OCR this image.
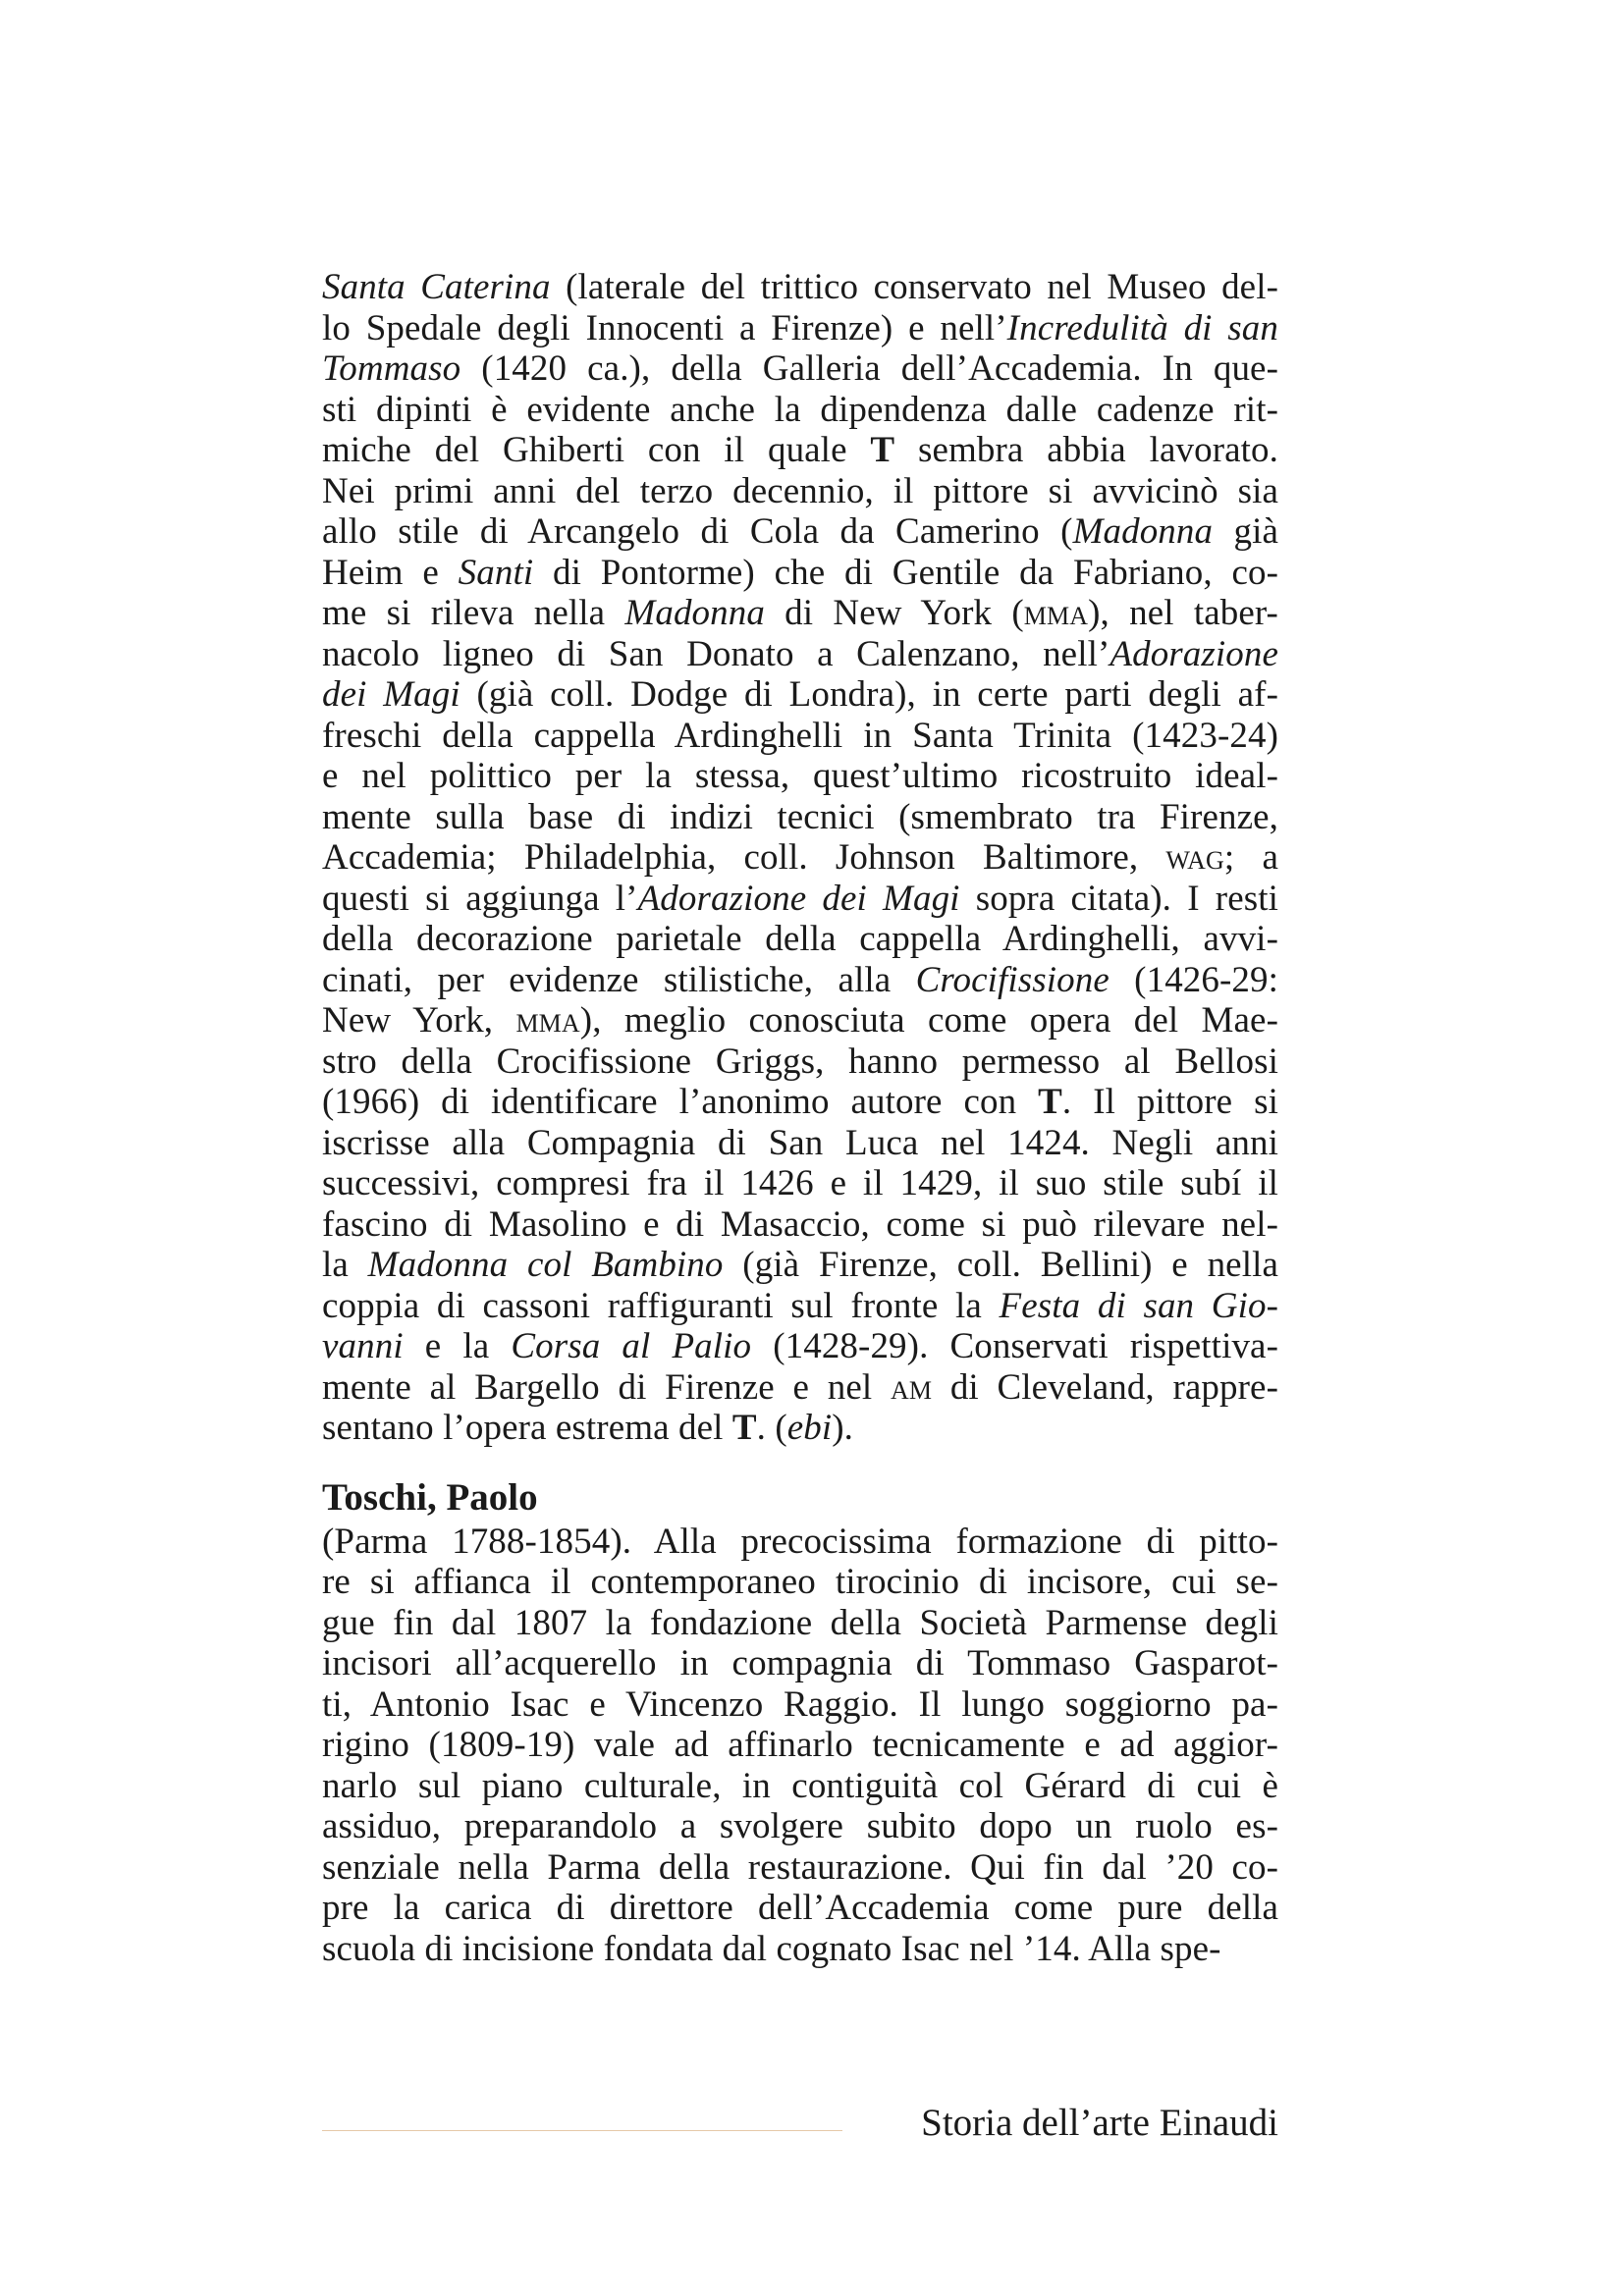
Santa Caterina (laterale del trittico conservato nel Museo del-
lo Spedale degli Innocenti a Firenze) e nell’Incredulità di san
Tommaso (1420 ca.), della Galleria dell’Accademia. In que-
sti dipinti è evidente anche la dipendenza dalle cadenze rit-
miche del Ghiberti con il quale T sembra abbia lavorato.
Nei primi anni del terzo decennio, il pittore si avvicinò sia
allo stile di Arcangelo di Cola da Camerino (Madonna già
Heim e Santi di Pontorme) che di Gentile da Fabriano, co-
me si rileva nella Madonna di New York (mma), nel taber-
nacolo ligneo di San Donato a Calenzano, nell’Adorazione
dei Magi (già coll. Dodge di Londra), in certe parti degli af-
freschi della cappella Ardinghelli in Santa Trinita (1423-24)
e nel polittico per la stessa, quest’ultimo ricostruito ideal-
mente sulla base di indizi tecnici (smembrato tra Firenze,
Accademia; Philadelphia, coll. Johnson Baltimore, wag; a
questi si aggiunga l’Adorazione dei Magi sopra citata). I resti
della decorazione parietale della cappella Ardinghelli, avvi-
cinati, per evidenze stilistiche, alla Crocifissione (1426-29:
New York, mma), meglio conosciuta come opera del Mae-
stro della Crocifissione Griggs, hanno permesso al Bellosi
(1966) di identificare l’anonimo autore con T. Il pittore si
iscrisse alla Compagnia di San Luca nel 1424. Negli anni
successivi, compresi fra il 1426 e il 1429, il suo stile subí il
fascino di Masolino e di Masaccio, come si può rilevare nel-
la Madonna col Bambino (già Firenze, coll. Bellini) e nella
coppia di cassoni raffiguranti sul fronte la Festa di san Gio-
vanni e la Corsa al Palio (1428-29). Conservati rispettiva-
mente al Bargello di Firenze e nel am di Cleveland, rappre-
sentano l’opera estrema del T. (ebi).
Toschi, Paolo
(Parma 1788-1854). Alla precocissima formazione di pitto-
re si affianca il contemporaneo tirocinio di incisore, cui se-
gue fin dal 1807 la fondazione della Società Parmense degli
incisori all’acquerello in compagnia di Tommaso Gasparot-
ti, Antonio Isac e Vincenzo Raggio. Il lungo soggiorno pa-
rigino (1809-19) vale ad affinarlo tecnicamente e ad aggior-
narlo sul piano culturale, in contiguità col Gérard di cui è
assiduo, preparandolo a svolgere subito dopo un ruolo es-
senziale nella Parma della restaurazione. Qui fin dal ’20 co-
pre la carica di direttore dell’Accademia come pure della
scuola di incisione fondata dal cognato Isac nel ’14. Alla spe-
Storia dell’arte Einaudi
